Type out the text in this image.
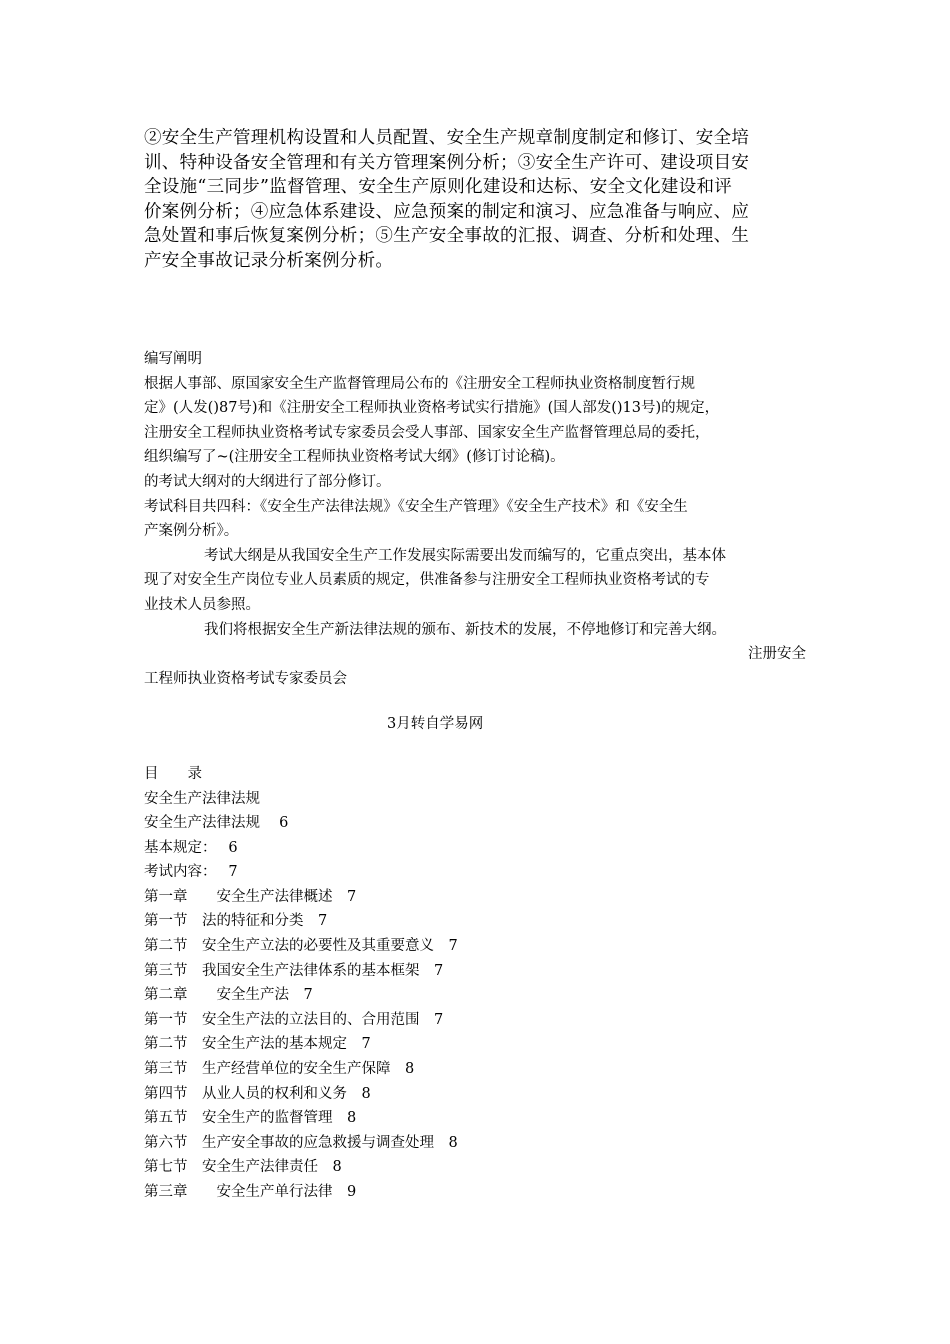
②安全生产管理机构设置和人员配置、安全生产规章制度制定和修订、安全培
训、特种设备安全管理和有关方管理案例分析；③安全生产许可、建设项目安
全设施“三同步”监督管理、安全生产原则化建设和达标、安全文化建设和评
价案例分析；④应急体系建设、应急预案的制定和演习、应急准备与响应、应
急处置和事后恢复案例分析；⑤生产安全事故的汇报、调查、分析和处理、生
产安全事故记录分析案例分析。
编写阐明
根据人事部、原国家安全生产监督管理局公布的《注册安全工程师执业资格制度暂行规
定》(人发()87号)和《注册安全工程师执业资格考试实行措施》(国人部发()13号)的规定，
注册安全工程师执业资格考试专家委员会受人事部、国家安全生产监督管理总局的委托，
组织编写了~(注册安全工程师执业资格考试大纲》(修订讨论稿)。
的考试大纲对的大纲进行了部分修订。
考试科目共四科：《安全生产法律法规》《安全生产管理》《安全生产技术》和《安全生
产案例分析》。
考试大纲是从我国安全生产工作发展实际需要出发而编写的，它重点突出，基本体
现了对安全生产岗位专业人员素质的规定，供准备参与注册安全工程师执业资格考试的专
业技术人员参照。
我们将根据安全生产新法律法规的颁布、新技术的发展，不停地修订和完善大纲。
注册安全
工程师执业资格考试专家委员会
3月转自学易网
目　　录
安全生产法律法规
安全生产法律法规　 6
基本规定：　 6
考试内容：　 7
第一章　　安全生产法律概述　7
第一节　法的特征和分类　7
第二节　安全生产立法的必要性及其重要意义　7
第三节　我国安全生产法律体系的基本框架　7
第二章　　安全生产法　7
第一节　安全生产法的立法目的、合用范围　7
第二节　安全生产法的基本规定　7
第三节　生产经营单位的安全生产保障　8
第四节　从业人员的权利和义务　8
第五节　安全生产的监督管理　8
第六节　生产安全事故的应急救援与调查处理　8
第七节　安全生产法律责任　8
第三章　　安全生产单行法律　9
